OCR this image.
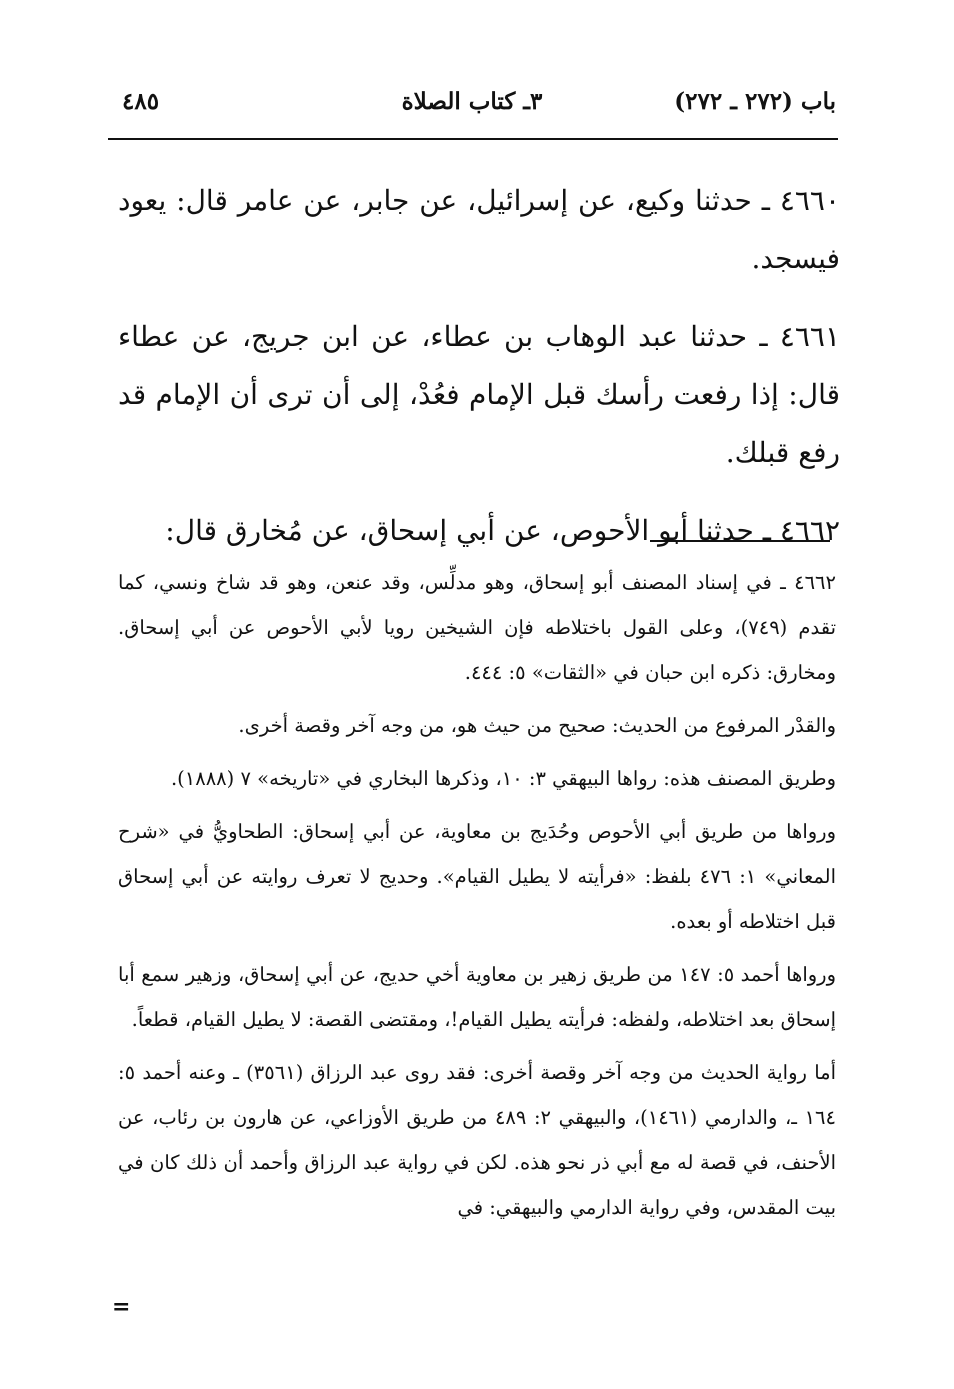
باب (٢٧٢ ـ ٢٧٢)
٣ـ كتاب الصلاة
٤٨٥

٤٦٦٠ ـ حدثنا وكيع، عن إسرائيل، عن جابر، عن عامر قال: يعود فيسجد.

٤٦٦١ ـ حدثنا عبد الوهاب بن عطاء، عن ابن جريج، عن عطاء قال: إذا رفعت رأسك قبل الإمام فعُدْ، إلى أن ترى أن الإمام قد رفع قبلك.

٤٦٦٢ ـ حدثنا أبو الأحوص، عن أبي إسحاق، عن مُخارق قال:

٤٦٦٢ ـ في إسناد المصنف أبو إسحاق، وهو مدلِّس، وقد عنعن، وهو قد شاخ ونسي، كما تقدم (٧٤٩)، وعلى القول باختلاطه فإن الشيخين رويا لأبي الأحوص عن أبي إسحاق. ومخارق: ذكره ابن حبان في «الثقات» ٥: ٤٤٤.

والقدْر المرفوع من الحديث: صحيح من حيث هو، من وجه آخر وقصة أخرى.

وطريق المصنف هذه: رواها البيهقي ٣: ١٠، وذكرها البخاري في «تاريخه» ٧ (١٨٨٨).

ورواها من طريق أبي الأحوص وحُدَيج بن معاوية، عن أبي إسحاق: الطحاويُّ في «شرح المعاني» ١: ٤٧٦ بلفظ: «فرأيته لا يطيل القيام». وحديج لا تعرف روايته عن أبي إسحاق قبل اختلاطه أو بعده.

ورواها أحمد ٥: ١٤٧ من طريق زهير بن معاوية أخي حديج، عن أبي إسحاق، وزهير سمع أبا إسحاق بعد اختلاطه، ولفظه: فرأيته يطيل القيام!، ومقتضى القصة: لا يطيل القيام، قطعاً.

أما رواية الحديث من وجه آخر وقصة أخرى: فقد روى عبد الرزاق (٣٥٦١) ـ وعنه أحمد ٥: ١٦٤ ـ، والدارمي (١٤٦١)، والبيهقي ٢: ٤٨٩ من طريق الأوزاعي، عن هارون بن رئاب، عن الأحنف، في قصة له مع أبي ذر نحو هذه. لكن في رواية عبد الرزاق وأحمد أن ذلك كان في بيت المقدس، وفي رواية الدارمي والبيهقي: في

=
